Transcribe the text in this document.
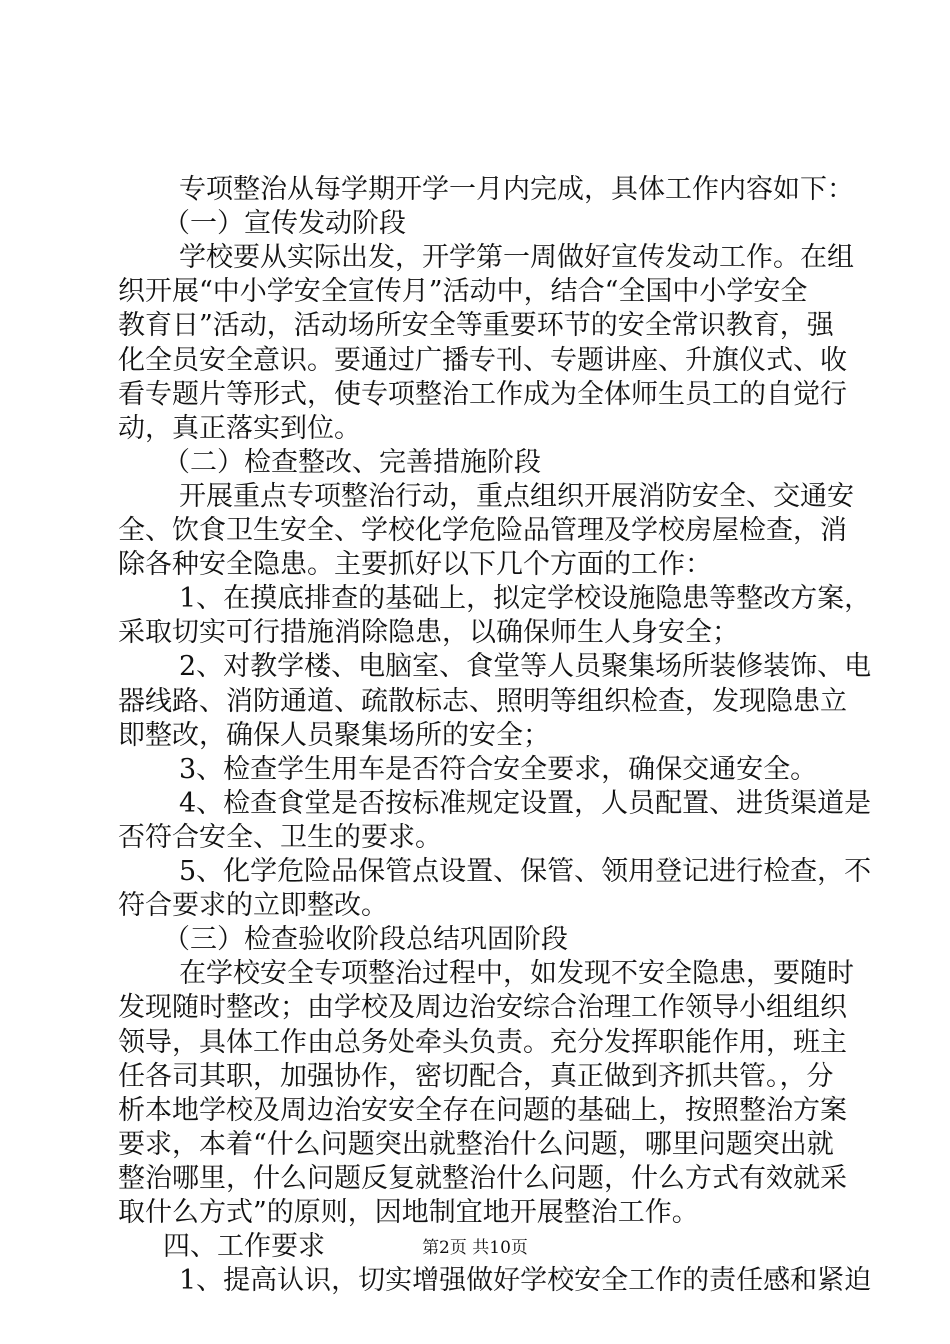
专项整治从每学期开学一月内完成，具体工作内容如下：
（一）宣传发动阶段
学校要从实际出发，开学第一周做好宣传发动工作。在组
织开展“中小学安全宣传月”活动中，结合“全国中小学安全
教育日”活动，活动场所安全等重要环节的安全常识教育，强
化全员安全意识。要通过广播专刊、专题讲座、升旗仪式、收
看专题片等形式，使专项整治工作成为全体师生员工的自觉行
动，真正落实到位。
（二）检查整改、完善措施阶段
开展重点专项整治行动，重点组织开展消防安全、交通安
全、饮食卫生安全、学校化学危险品管理及学校房屋检查，消
除各种安全隐患。主要抓好以下几个方面的工作：
1、在摸底排查的基础上，拟定学校设施隐患等整改方案，
采取切实可行措施消除隐患，以确保师生人身安全；
2、对教学楼、电脑室、食堂等人员聚集场所装修装饰、电
器线路、消防通道、疏散标志、照明等组织检查，发现隐患立
即整改，确保人员聚集场所的安全；
3、检查学生用车是否符合安全要求，确保交通安全。
4、检查食堂是否按标准规定设置，人员配置、进货渠道是
否符合安全、卫生的要求。
5、化学危险品保管点设置、保管、领用登记进行检查，不
符合要求的立即整改。
（三）检查验收阶段总结巩固阶段
在学校安全专项整治过程中，如发现不安全隐患，要随时
发现随时整改；由学校及周边治安综合治理工作领导小组组织
领导，具体工作由总务处牵头负责。充分发挥职能作用，班主
任各司其职，加强协作，密切配合，真正做到齐抓共管。，分
析本地学校及周边治安安全存在问题的基础上，按照整治方案
要求，本着“什么问题突出就整治什么问题，哪里问题突出就
整治哪里，什么问题反复就整治什么问题，什么方式有效就采
取什么方式”的原则，因地制宜地开展整治工作。
四、工作要求
1、提高认识，切实增强做好学校安全工作的责任感和紧迫
第2页 共10页
